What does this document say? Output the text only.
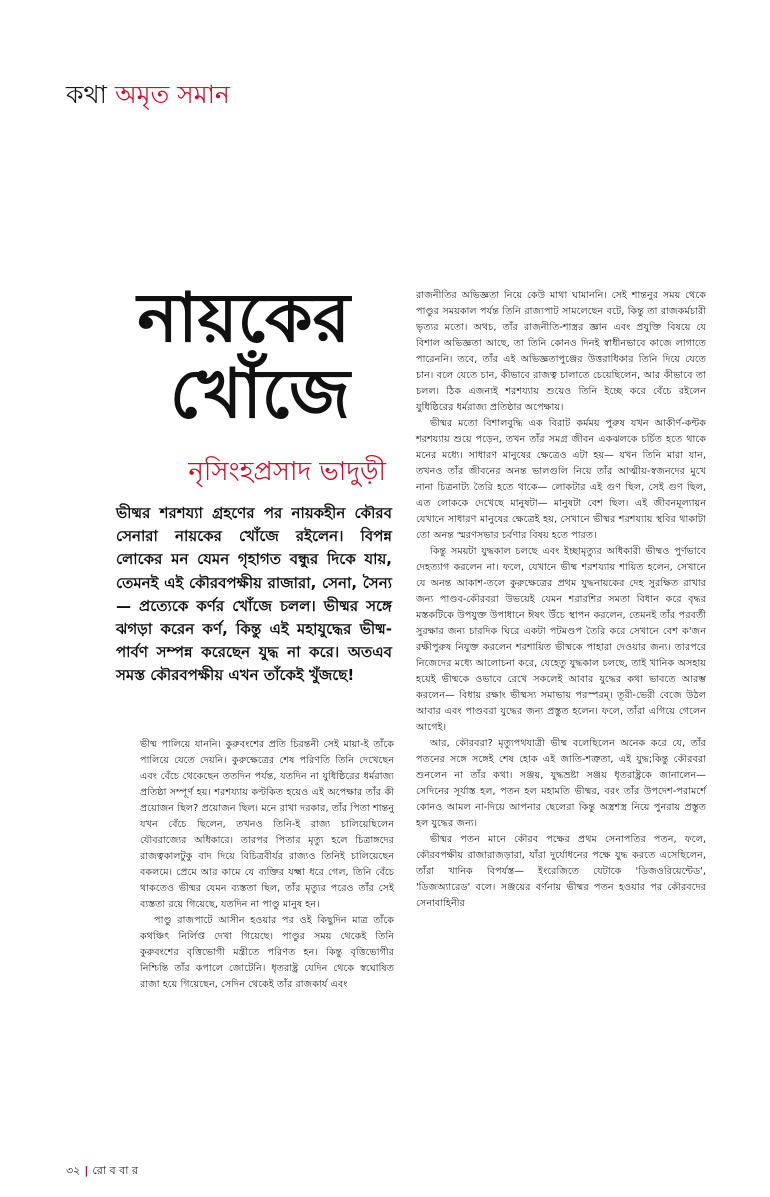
কথা অমৃত সমান
নায়কের
খোঁজে
নৃসিংহপ্রসাদ ভাদুড়ী

ভীষ্মর শরশয্যা গ্রহণের পর নায়কহীন কৌরব সেনারা নায়কের খোঁজে রইলেন। বিপন্ন লোকের মন যেমন গৃহাগত বন্ধুর দিকে যায়, তেমনই এই কৌরবপক্ষীয় রাজারা, সেনা, সৈন্য— প্রত্যেকে কর্ণর খোঁজে চলল। ভীষ্মর সঙ্গে ঝগড়া করেন কর্ণ, কিন্তু এই মহাযুদ্ধের ভীষ্ম-পার্বণ সম্পন্ন করেছেন যুদ্ধ না করে। অতএব সমস্ত কৌরবপক্ষীয় এখন তাঁকেই খুঁজছে!

ভীষ্ম পালিয়ে যাননি। কুরুবংশের প্রতি চিরন্তনী সেই মায়া-ই তাঁকে পালিয়ে যেতে দেয়নি। কুরুক্ষেত্রের শেষ পরিণতি তিনি দেখেছেন এবং বেঁচে থেকেছেন ততদিন পর্যন্ত, যতদিন না যুধিষ্ঠিরের ধর্মরাজ্য প্রতিষ্ঠা সম্পূর্ণ হয়। শরশয্যায় কণ্টকিত হয়েও এই অপেক্ষার তাঁর কী প্রয়োজন ছিল? প্রয়োজন ছিল। মনে রাখা দরকার, তাঁর পিতা শান্তনু যখন বেঁচে ছিলেন, তখনও তিনি-ই রাজ্য চালিয়েছিলেন যৌবরাজ্যের অধিকারে। তারপর পিতার মৃত্যু হলে চিত্রাঙ্গদের রাজত্বকালটুকু বাদ দিয়ে বিচিত্রবীর্যর রাজ্যও তিনিই চালিয়েছেন বকলমে। প্রেমে আর কামে যে ব্যক্তির যক্ষ্মা ধরে গেল, তিনি বেঁচে থাকতেও ভীষ্মর যেমন ব্যস্ততা ছিল, তাঁর মৃত্যুর পরেও তাঁর সেই ব্যস্ততা রয়ে গিয়েছে, যতদিন না পাণ্ডু মানুষ হন।

পাণ্ডু রাজপাটে আসীন হওয়ার পর ওই কিছুদিন মাত্র তাঁকে কথঞ্চিৎ নির্লিপ্ত দেখা গিয়েছে। পাণ্ডুর সময় থেকেই তিনি কুরুবংশের বৃত্তিভোগী মন্ত্রীতে পরিণত হন। কিন্তু বৃত্তিভোগীর নিশ্চিন্তি তাঁর কপালে জোটেনি। ধৃতরাষ্ট্র যেদিন থেকে স্বঘোষিত রাজা হয়ে গিয়েছেন, সেদিন থেকেই তাঁর রাজকার্য এবং

রাজনীতির অভিজ্ঞতা নিয়ে কেউ মাথা ঘামাননি। সেই শান্তনুর সময় থেকে পাণ্ডুর সময়কাল পর্যন্ত তিনি রাজ্যপাট সামলেছেন বটে, কিন্তু তা রাজকর্মচারী ভৃত্যর মতো। অথচ, তাঁর রাজনীতি-শাস্ত্রর জ্ঞান এবং প্রযুক্তি বিষয়ে যে বিশাল অভিজ্ঞতা আছে, তা তিনি কোনও দিনই স্বাধীনভাবে কাজে লাগাতে পারেননি। তবে, তাঁর এই অভিজ্ঞতাপুঞ্জের উত্তরাধিকার তিনি দিয়ে যেতে চান। বলে যেতে চান, কীভাবে রাজত্ব চালাতে চেয়েছিলেন, আর কীভাবে তা চলল। ঠিক এজন্যই শরশয্যায় শুয়েও তিনি ইচ্ছে করে বেঁচে রইলেন যুধিষ্ঠিরের ধর্মরাজ্য প্রতিষ্ঠার অপেক্ষায়।

ভীষ্মর মতো বিশালবুদ্ধি এক বিরাট কর্মময় পুরুষ যখন আকীর্ণ-কন্টক শরশয্যায় শুয়ে পড়েন, তখন তাঁর সমগ্র জীবন একঝলকে চর্চিত হতে থাকে মনের মধ্যে। সাধারণ মানুষের ক্ষেত্রেও এটা হয়— যখন তিনি মারা যান, তখনও তাঁর জীবনের অনন্ত ভালগুলি নিয়ে তাঁর আত্মীয়-স্বজনদের মুখে নানা চিত্রনাট্য তৈরি হতে থাকে— লোকটার এই গুণ ছিল, সেই গুণ ছিল, এত লোককে দেখেছে মানুষটা— মানুষটা বেশ ছিল। এই জীবনমূল্যায়ন যেখানে সাধারণ মানুষের ক্ষেত্রেই হয়, সেখানে ভীষ্মর শরশয্যায় স্থবির থাকাটা তো অনন্ত স্মরণসভার চর্বণার বিষয় হতে পারত।

কিন্তু সময়টা যুদ্ধকাল চলছে এবং ইচ্ছামৃত্যুর অধিকারী ভীষ্মও পুর্ণভাবে দেহত্যাগ করলেন না। ফলে, যেখানে ভীষ্ম শরশয্যায় শায়িত হলেন, সেখানে যে অনন্ত আকাশ-তলে কুরুক্ষেত্রের প্রথম যুদ্ধনায়কের দেহ সুরক্ষিত রাখার জন্য পাণ্ডব-কৌরবরা উভয়েই যেমন শরারশির সমতা বিধান করে বৃদ্ধর মস্তকটিকে উপযুক্ত উপাধানে ঈষৎ উঁচে স্থাপন করলেন, তেমনই তাঁর পরবর্তী সুরক্ষার জন্য চারদিক ঘিরে একটা পটমণ্ডপ তৈরি করে সেখানে বেশ ক'জন রক্ষীপুরুষ নিযুক্ত করলেন শরশায়িত ভীষ্মকে পাহারা দেওয়ার জন্য। তারপরে নিজেদের মধ্যে আলোচনা করে, যেহেতু যুদ্ধকাল চলছে, তাই খানিক অসহায় হয়েই ভীষ্মকে ওভাবে রেখে সকলেই আবার যুদ্ধের কথা ভাবতে আরম্ভ করলেন— বিধায় রক্ষাং ভীষ্মস্য সমাভায় পরস্পরম্। তূরী-ভেরী বেজে উঠল আবার এবং পাণ্ডবরা যুদ্ধের জন্য প্রস্তুত হলেন। ফলে, তাঁরা এগিয়ে গেলেন আগেই।

আর, কৌরবরা? মৃত্যুপথযাত্রী ভীষ্ম বলেছিলেন অনেক করে যে, তাঁর পতনের সঙ্গে সঙ্গেই শেষ হোক এই জাতি-শত্রুতা, এই যুদ্ধ;কিন্তু কৌরবরা শুনলেন না তাঁর কথা। সঞ্জয়, যুদ্ধভ্রষ্টা সঞ্জয় ধৃতরাষ্ট্রকে জানালেন— সেদিনের সূর্যাস্ত হল, পতন হল মহামতি ভীষ্মর, বরং তাঁর উপদেশ-পরামর্শে কোনও আমল না-দিয়ে আপনার ছেলেরা কিন্তু অস্ত্রশস্ত্র নিয়ে পুনরায় প্রস্তুত হল যুদ্ধের জন্য।

ভীষ্মর পতন মানে কৌরব পক্ষের প্রথম সেনাপতির পতন, ফলে, কৌরবপক্ষীয় রাজারাজড়ারা, যাঁরা দুর্যোধনের পক্ষে যুদ্ধ করতে এসেছিলেন, তাঁরা খানিক বিপর্যস্ত— ইংরেজিতে যেটাকে 'ডিজওরিয়েন্টেড', 'ডিজঅ্যারেড' বলে। সঞ্জয়ের বর্ণনায় ভীষ্মর পতন হওয়ার পর কৌরবদের সেনাবাহিনীর

৩২ | রো ব বা র
